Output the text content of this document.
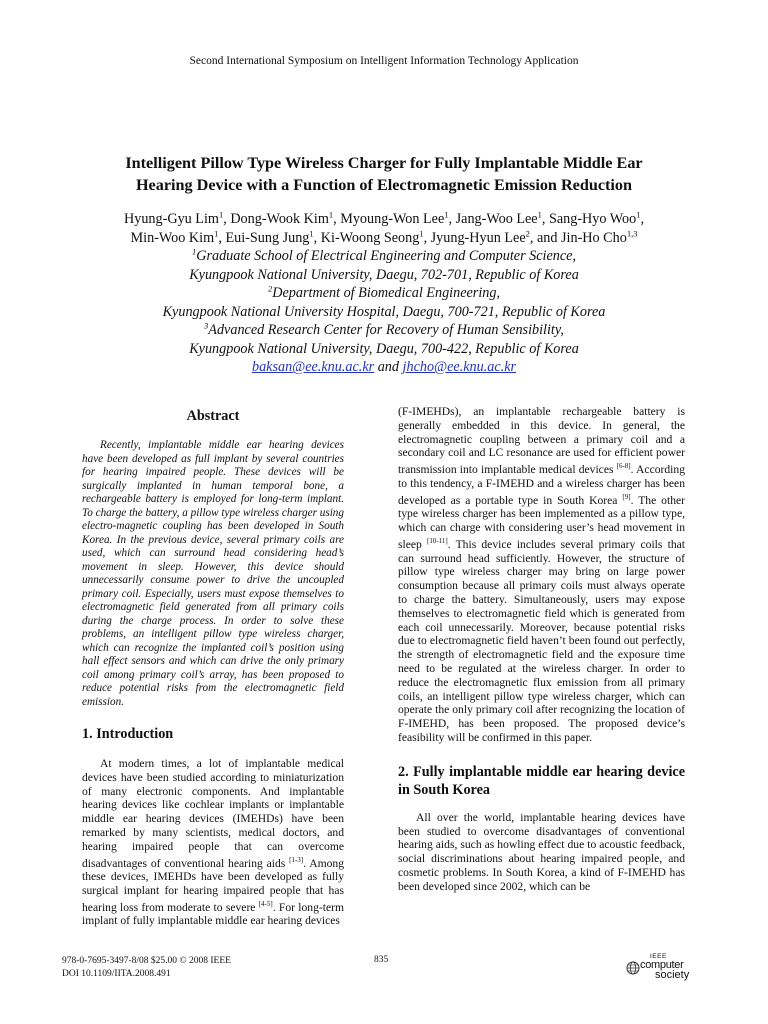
Second International Symposium on Intelligent Information Technology Application
Intelligent Pillow Type Wireless Charger for Fully Implantable Middle Ear
Hearing Device with a Function of Electromagnetic Emission Reduction
Hyung-Gyu Lim$^1$, Dong-Wook Kim$^1$, Myoung-Won Lee$^1$, Jang-Woo Lee$^1$, Sang-Hyo Woo$^1$,
Min-Woo Kim$^1$, Eui-Sung Jung$^1$, Ki-Woong Seong$^1$, Jyung-Hyun Lee$^2$, and Jin-Ho Cho$^{1,3}$
$^1$Graduate School of Electrical Engineering and Computer Science,
Kyungpook National University, Daegu, 702-701, Republic of Korea
$^2$Department of Biomedical Engineering,
Kyungpook National University Hospital, Daegu, 700-721, Republic of Korea
$^3$Advanced Research Center for Recovery of Human Sensibility,
Kyungpook National University, Daegu, 700-422, Republic of Korea
baksan@ee.knu.ac.kr and jhcho@ee.knu.ac.kr

Abstract

Recently, implantable middle ear hearing devices have been developed as full implant by several countries for hearing impaired people. These devices will be surgically implanted in human temporal bone, a rechargeable battery is employed for long-term implant. To charge the battery, a pillow type wireless charger using electro-magnetic coupling has been developed in South Korea. In the previous device, several primary coils are used, which can surround head considering head’s movement in sleep. However, this device should unnecessarily consume power to drive the uncoupled primary coil. Especially, users must expose themselves to electromagnetic field generated from all primary coils during the charge process. In order to solve these problems, an intelligent pillow type wireless charger, which can recognize the implanted coil’s position using hall effect sensors and which can drive the only primary coil among primary coil’s array, has been proposed to reduce potential risks from the electromagnetic field emission.

1. Introduction

At modern times, a lot of implantable medical devices have been studied according to miniaturization of many electronic components. And implantable hearing devices like cochlear implants or implantable middle ear hearing devices (IMEHDs) have been remarked by many scientists, medical doctors, and hearing impaired people that can overcome disadvantages of conventional hearing aids [1-3]. Among these devices, IMEHDs have been developed as fully surgical implant for hearing impaired people that has hearing loss from moderate to severe [4-5]. For long-term implant of fully implantable middle ear hearing devices

(F-IMEHDs), an implantable rechargeable battery is generally embedded in this device. In general, the electromagnetic coupling between a primary coil and a secondary coil and LC resonance are used for efficient power transmission into implantable medical devices [6-8]. According to this tendency, a F-IMEHD and a wireless charger has been developed as a portable type in South Korea [9]. The other type wireless charger has been implemented as a pillow type, which can charge with considering user’s head movement in sleep [10-11]. This device includes several primary coils that can surround head sufficiently. However, the structure of pillow type wireless charger may bring on large power consumption because all primary coils must always operate to charge the battery. Simultaneously, users may expose themselves to electromagnetic field which is generated from each coil unnecessarily. Moreover, because potential risks due to electromagnetic field haven’t been found out perfectly, the strength of electromagnetic field and the exposure time need to be regulated at the wireless charger. In order to reduce the electromagnetic flux emission from all primary coils, an intelligent pillow type wireless charger, which can operate the only primary coil after recognizing the location of F-IMEHD, has been proposed. The proposed device’s feasibility will be confirmed in this paper.

2. Fully implantable middle ear hearing device in South Korea

All over the world, implantable hearing devices have been studied to overcome disadvantages of conventional hearing aids, such as howling effect due to acoustic feedback, social discriminations about hearing impaired people, and cosmetic problems. In South Korea, a kind of F-IMEHD has been developed since 2002, which can be

978-0-7695-3497-8/08 $25.00 © 2008 IEEE
DOI 10.1109/IITA.2008.491
835	IEEE
computer
society
